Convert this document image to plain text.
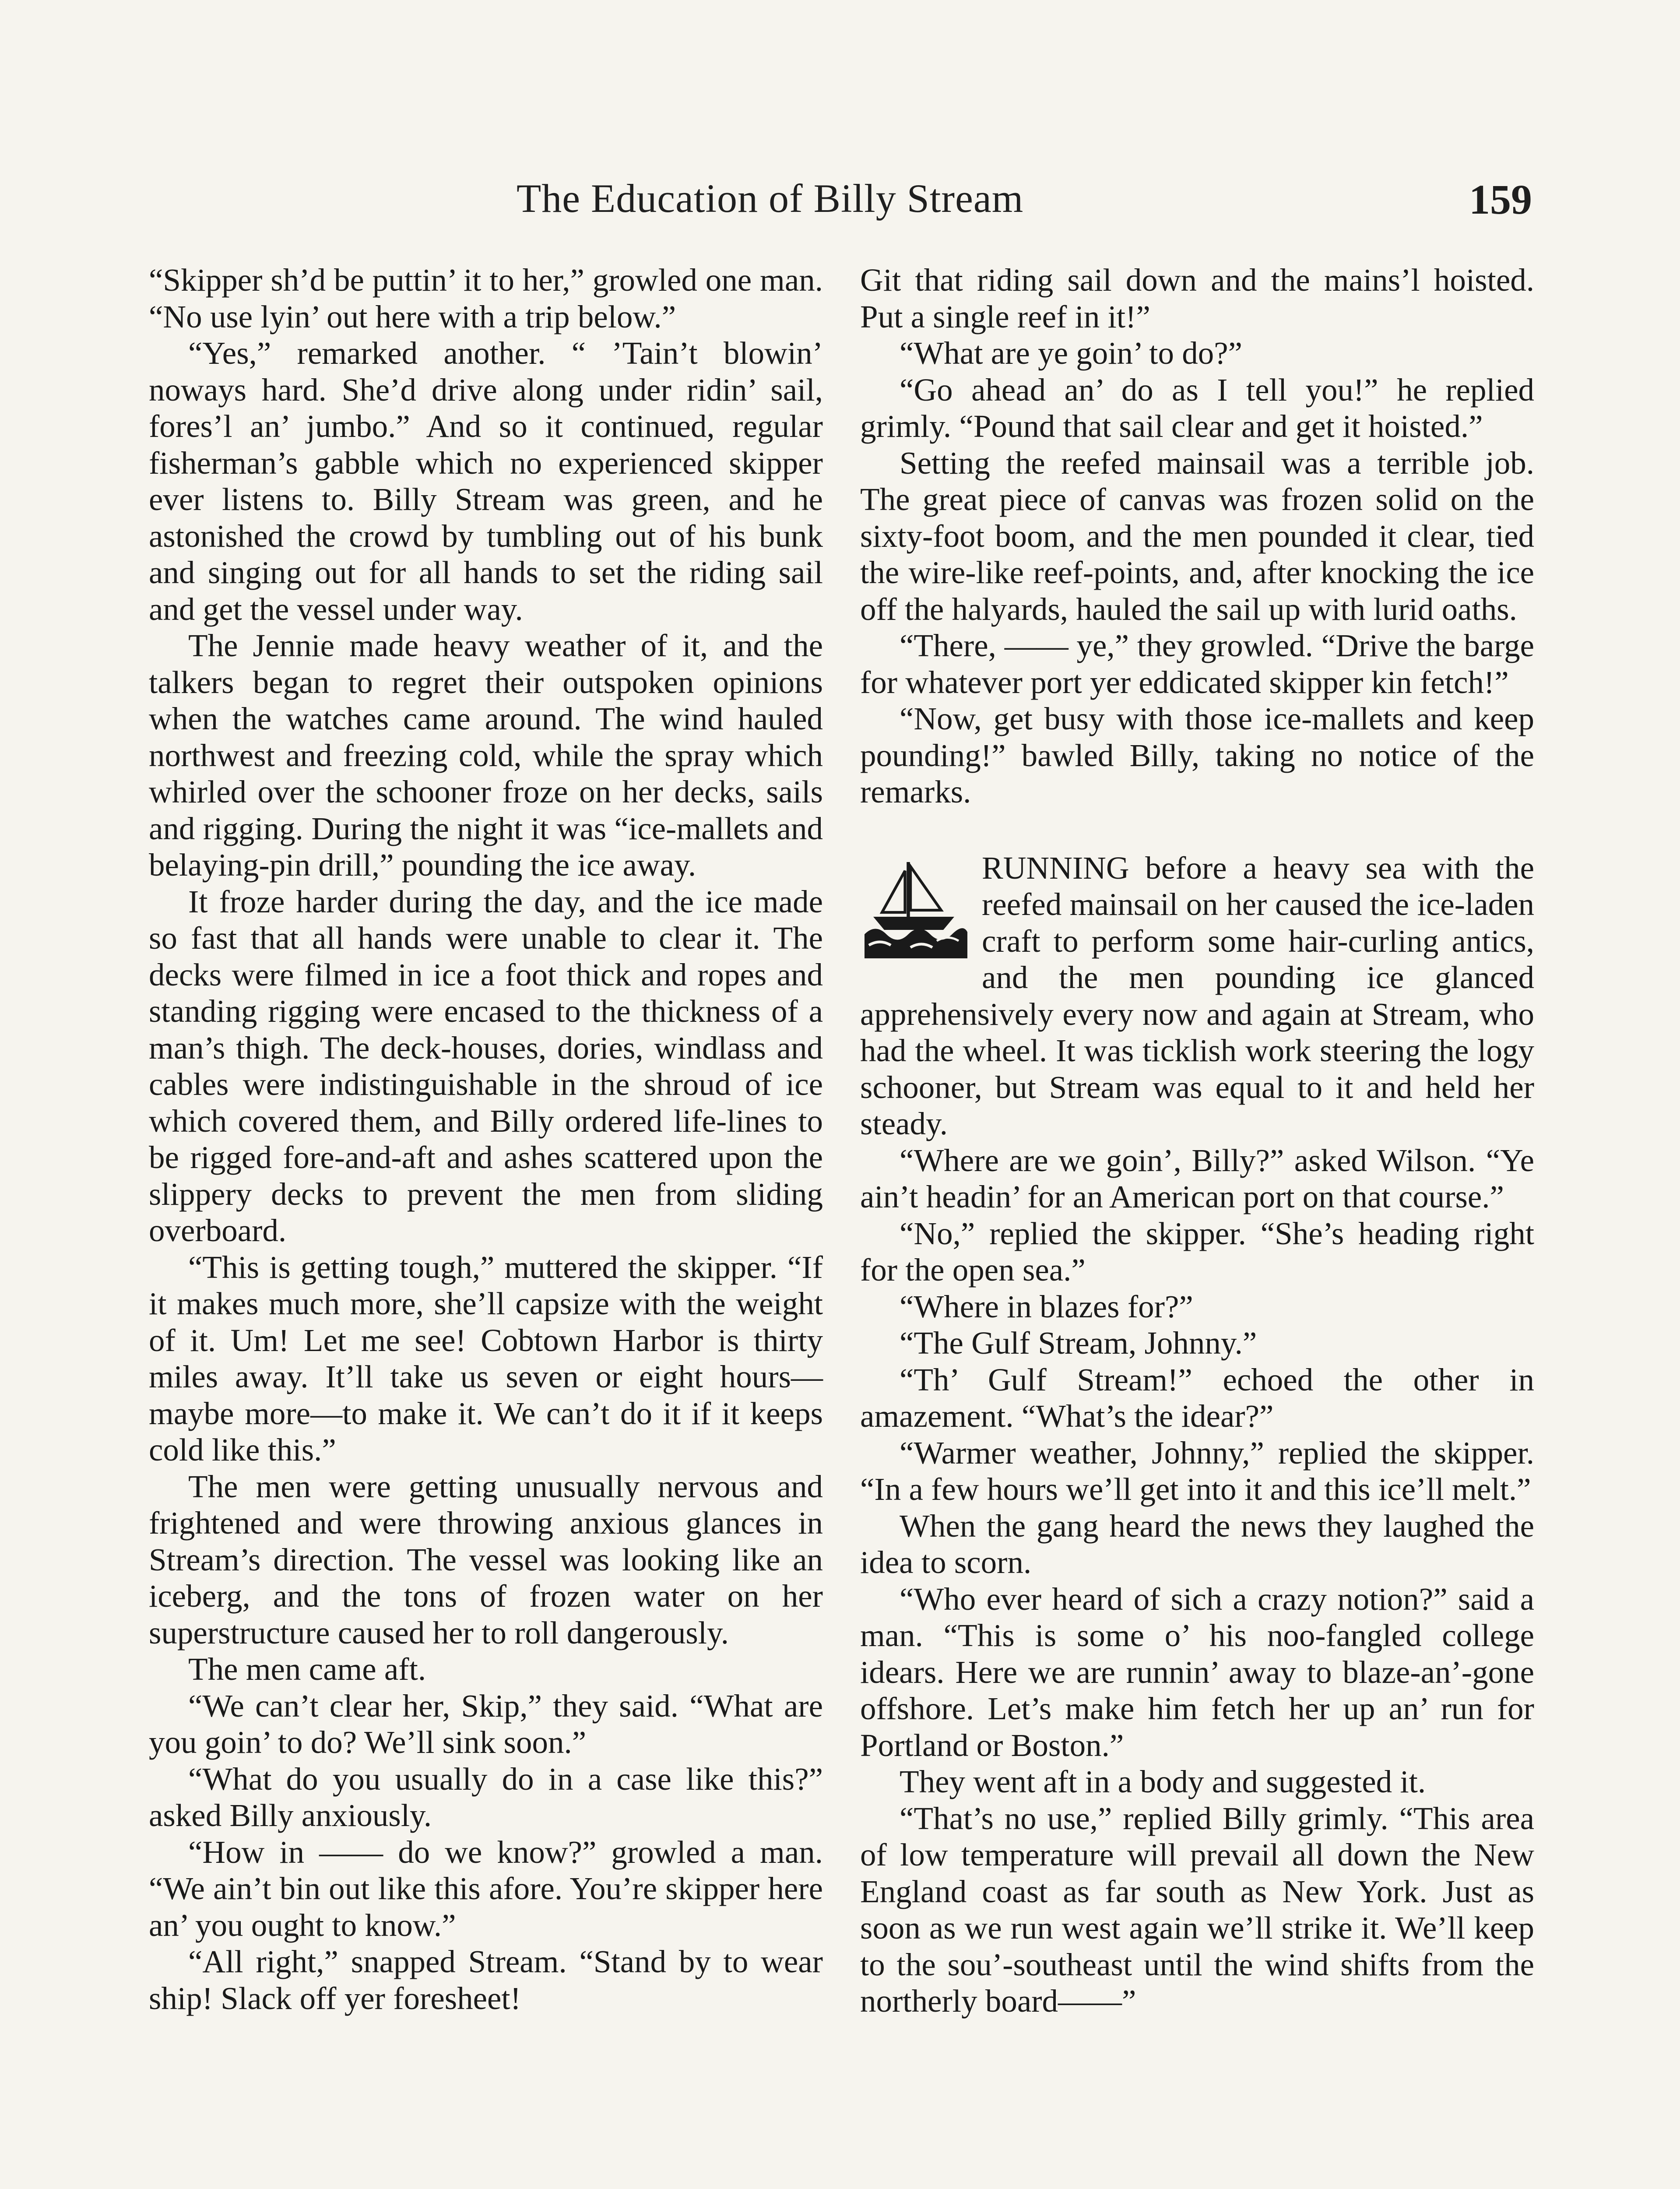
The Education of Billy Stream	159

“Skipper sh’d be puttin’ it to her,” growled one man. “No use lyin’ out here with a trip below.”

“Yes,” remarked another. “ ’Tain’t blowin’ noways hard. She’d drive along under ridin’ sail, fores’l an’ jumbo.” And so it continued, regular fisherman’s gabble which no experienced skipper ever listens to. Billy Stream was green, and he astonished the crowd by tumbling out of his bunk and singing out for all hands to set the riding sail and get the vessel under way.

The Jennie made heavy weather of it, and the talkers began to regret their outspoken opinions when the watches came around. The wind hauled northwest and freezing cold, while the spray which whirled over the schooner froze on her decks, sails and rigging. During the night it was “ice-mallets and belaying-pin drill,” pounding the ice away.

It froze harder during the day, and the ice made so fast that all hands were unable to clear it. The decks were filmed in ice a foot thick and ropes and standing rigging were encased to the thickness of a man’s thigh. The deck-houses, dories, windlass and cables were indistinguishable in the shroud of ice which covered them, and Billy ordered life-lines to be rigged fore-and-aft and ashes scattered upon the slippery decks to prevent the men from sliding overboard.

“This is getting tough,” muttered the skipper. “If it makes much more, she’ll capsize with the weight of it. Um! Let me see! Cobtown Harbor is thirty miles away. It’ll take us seven or eight hours—maybe more—to make it. We can’t do it if it keeps cold like this.”

The men were getting unusually nervous and frightened and were throwing anxious glances in Stream’s direction. The vessel was looking like an iceberg, and the tons of frozen water on her superstructure caused her to roll dangerously.

The men came aft.

“We can’t clear her, Skip,” they said. “What are you goin’ to do? We’ll sink soon.”

“What do you usually do in a case like this?” asked Billy anxiously.

“How in —— do we know?” growled a man. “We ain’t bin out like this afore. You’re skipper here an’ you ought to know.”

“All right,” snapped Stream. “Stand by to wear ship! Slack off yer foresheet!

Git that riding sail down and the mains’l hoisted. Put a single reef in it!”

“What are ye goin’ to do?”

“Go ahead an’ do as I tell you!” he replied grimly. “Pound that sail clear and get it hoisted.”

Setting the reefed mainsail was a terrible job. The great piece of canvas was frozen solid on the sixty-foot boom, and the men pounded it clear, tied the wire-like reef-points, and, after knocking the ice off the halyards, hauled the sail up with lurid oaths.

“There, —— ye,” they growled. “Drive the barge for whatever port yer eddicated skipper kin fetch!”

“Now, get busy with those ice-mallets and keep pounding!” bawled Billy, taking no notice of the remarks.

RUNNING before a heavy sea with the reefed mainsail on her caused the ice-laden craft to perform some hair-curling antics, and the men pounding ice glanced apprehensively every now and again at Stream, who had the wheel. It was ticklish work steering the logy schooner, but Stream was equal to it and held her steady.

“Where are we goin’, Billy?” asked Wilson. “Ye ain’t headin’ for an American port on that course.”

“No,” replied the skipper. “She’s heading right for the open sea.”

“Where in blazes for?”

“The Gulf Stream, Johnny.”

“Th’ Gulf Stream!” echoed the other in amazement. “What’s the idear?”

“Warmer weather, Johnny,” replied the skipper. “In a few hours we’ll get into it and this ice’ll melt.”

When the gang heard the news they laughed the idea to scorn.

“Who ever heard of sich a crazy notion?” said a man. “This is some o’ his noo-fangled college idears. Here we are runnin’ away to blaze-an’-gone offshore. Let’s make him fetch her up an’ run for Portland or Boston.”

They went aft in a body and suggested it.

“That’s no use,” replied Billy grimly. “This area of low temperature will prevail all down the New England coast as far south as New York. Just as soon as we run west again we’ll strike it. We’ll keep to the sou’-southeast until the wind shifts from the northerly board——”
